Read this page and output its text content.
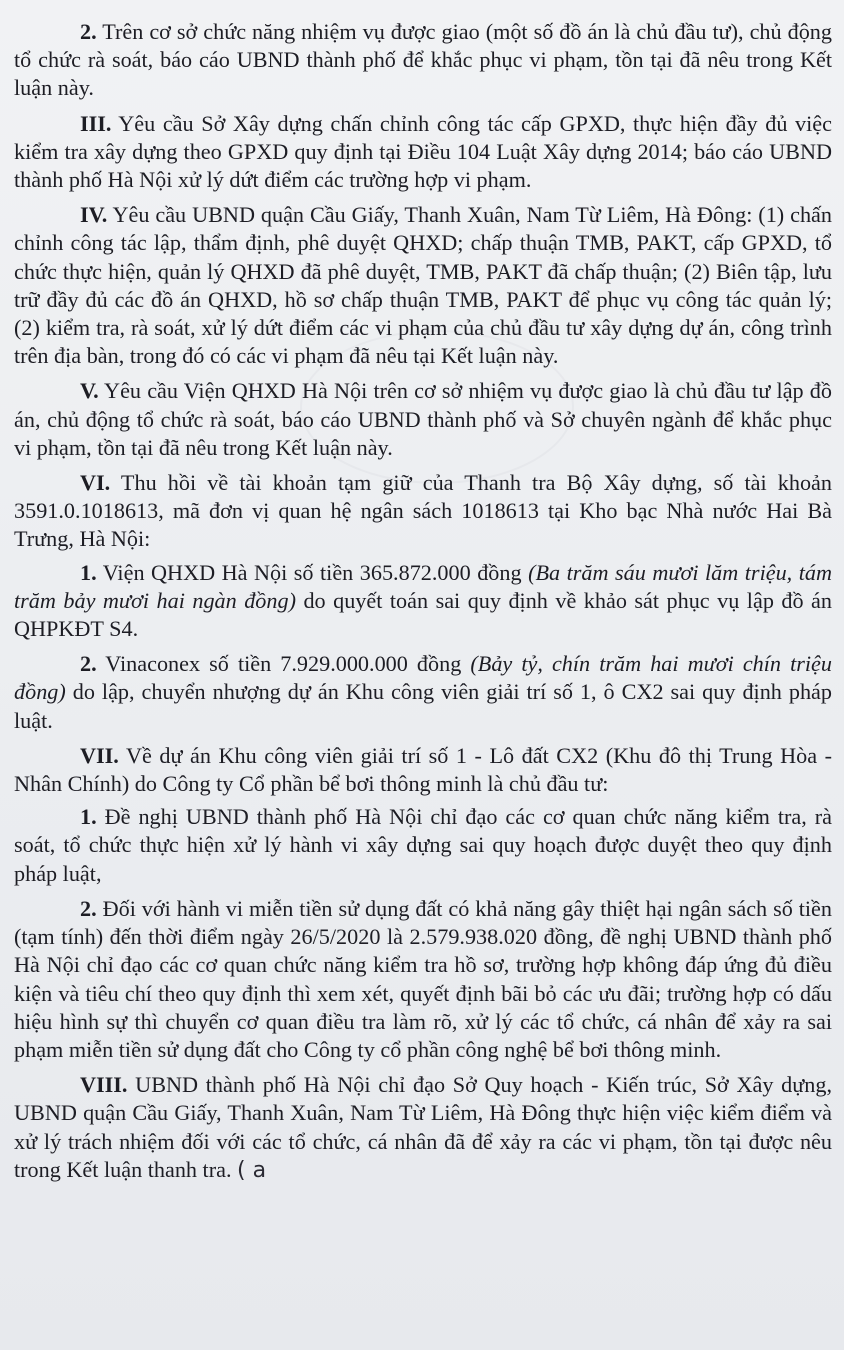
2. Trên cơ sở chức năng nhiệm vụ được giao (một số đồ án là chủ đầu tư), chủ động tổ chức rà soát, báo cáo UBND thành phố để khắc phục vi phạm, tồn tại đã nêu trong Kết luận này.

III. Yêu cầu Sở Xây dựng chấn chỉnh công tác cấp GPXD, thực hiện đầy đủ việc kiểm tra xây dựng theo GPXD quy định tại Điều 104 Luật Xây dựng 2014; báo cáo UBND thành phố Hà Nội xử lý dứt điểm các trường hợp vi phạm.

IV. Yêu cầu UBND quận Cầu Giấy, Thanh Xuân, Nam Từ Liêm, Hà Đông: (1) chấn chỉnh công tác lập, thẩm định, phê duyệt QHXD; chấp thuận TMB, PAKT, cấp GPXD, tổ chức thực hiện, quản lý QHXD đã phê duyệt, TMB, PAKT đã chấp thuận; (2) Biên tập, lưu trữ đầy đủ các đồ án QHXD, hồ sơ chấp thuận TMB, PAKT để phục vụ công tác quản lý; (2) kiểm tra, rà soát, xử lý dứt điểm các vi phạm của chủ đầu tư xây dựng dự án, công trình trên địa bàn, trong đó có các vi phạm đã nêu tại Kết luận này.

V. Yêu cầu Viện QHXD Hà Nội trên cơ sở nhiệm vụ được giao là chủ đầu tư lập đồ án, chủ động tổ chức rà soát, báo cáo UBND thành phố và Sở chuyên ngành để khắc phục vi phạm, tồn tại đã nêu trong Kết luận này.

VI. Thu hồi về tài khoản tạm giữ của Thanh tra Bộ Xây dựng, số tài khoản 3591.0.1018613, mã đơn vị quan hệ ngân sách 1018613 tại Kho bạc Nhà nước Hai Bà Trưng, Hà Nội:

1. Viện QHXD Hà Nội số tiền 365.872.000 đồng (Ba trăm sáu mươi lăm triệu, tám trăm bảy mươi hai ngàn đồng) do quyết toán sai quy định về khảo sát phục vụ lập đồ án QHPKĐT S4.

2. Vinaconex số tiền 7.929.000.000 đồng (Bảy tỷ, chín trăm hai mươi chín triệu đồng) do lập, chuyển nhượng dự án Khu công viên giải trí số 1, ô CX2 sai quy định pháp luật.

VII. Về dự án Khu công viên giải trí số 1 - Lô đất CX2 (Khu đô thị Trung Hòa - Nhân Chính) do Công ty Cổ phần bể bơi thông minh là chủ đầu tư:

1. Đề nghị UBND thành phố Hà Nội chỉ đạo các cơ quan chức năng kiểm tra, rà soát, tổ chức thực hiện xử lý hành vi xây dựng sai quy hoạch được duyệt theo quy định pháp luật,

2. Đối với hành vi miễn tiền sử dụng đất có khả năng gây thiệt hại ngân sách số tiền (tạm tính) đến thời điểm ngày 26/5/2020 là 2.579.938.020 đồng, đề nghị UBND thành phố Hà Nội chỉ đạo các cơ quan chức năng kiểm tra hồ sơ, trường hợp không đáp ứng đủ điều kiện và tiêu chí theo quy định thì xem xét, quyết định bãi bỏ các ưu đãi; trường hợp có dấu hiệu hình sự thì chuyển cơ quan điều tra làm rõ, xử lý các tổ chức, cá nhân để xảy ra sai phạm miễn tiền sử dụng đất cho Công ty cổ phần công nghệ bể bơi thông minh.

VIII. UBND thành phố Hà Nội chỉ đạo Sở Quy hoạch - Kiến trúc, Sở Xây dựng, UBND quận Cầu Giấy, Thanh Xuân, Nam Từ Liêm, Hà Đông thực hiện việc kiểm điểm và xử lý trách nhiệm đối với các tổ chức, cá nhân đã để xảy ra các vi phạm, tồn tại được nêu trong Kết luận thanh tra. ( a
